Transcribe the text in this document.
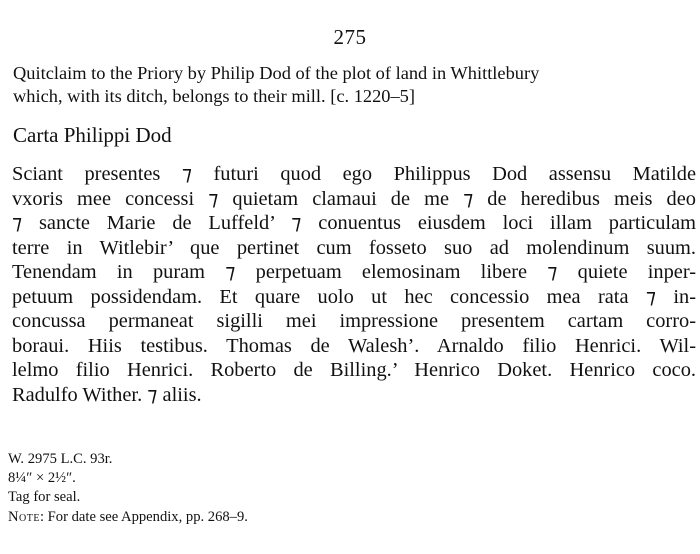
275
Quitclaim to the Priory by Philip Dod of the plot of land in Whittlebury
which, with its ditch, belongs to their mill. [c. 1220–5]
Carta Philippi Dod
Sciant presentes ⁊ futuri quod ego Philippus Dod assensu Matilde
vxoris mee concessi ⁊ quietam clamaui de me ⁊ de heredibus meis deo
⁊ sancte Marie de Luffeld’ ⁊ conuentus eiusdem loci illam particulam
terre in Witlebir’ que pertinet cum fosseto suo ad molendinum suum.
Tenendam in puram ⁊ perpetuam elemosinam libere ⁊ quiete inper-
petuum possidendam. Et quare uolo ut hec concessio mea rata ⁊ in-
concussa permaneat sigilli mei impressione presentem cartam corro-
boraui. Hiis testibus. Thomas de Walesh’. Arnaldo filio Henrici. Wil-
lelmo filio Henrici. Roberto de Billing.’ Henrico Doket. Henrico coco.
Radulfo Wither. ⁊ aliis.
W. 2975 L.C. 93r.
8¼″ × 2½″.
Tag for seal.
Note: For date see Appendix, pp. 268–9.
